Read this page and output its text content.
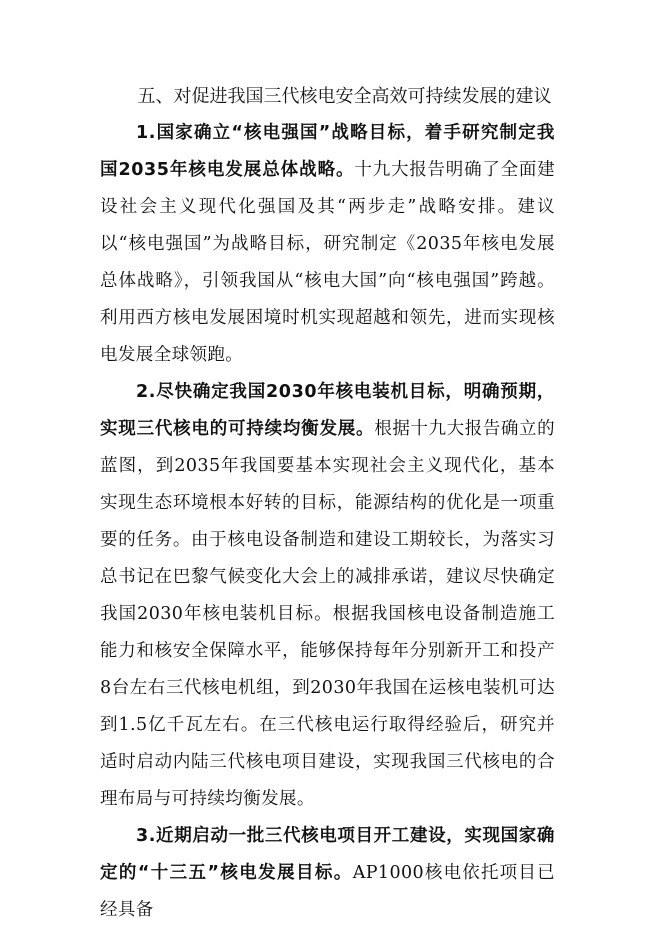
五、对促进我国三代核电安全高效可持续发展的建议

1.国家确立“核电强国”战略目标，着手研究制定我国2035年核电发展总体战略。十九大报告明确了全面建设社会主义现代化强国及其“两步走”战略安排。建议以“核电强国”为战略目标，研究制定《2035年核电发展总体战略》，引领我国从“核电大国”向“核电强国”跨越。利用西方核电发展困境时机实现超越和领先，进而实现核电发展全球领跑。

2.尽快确定我国2030年核电装机目标，明确预期，实现三代核电的可持续均衡发展。根据十九大报告确立的蓝图，到2035年我国要基本实现社会主义现代化，基本实现生态环境根本好转的目标，能源结构的优化是一项重要的任务。由于核电设备制造和建设工期较长，为落实习总书记在巴黎气候变化大会上的减排承诺，建议尽快确定我国2030年核电装机目标。根据我国核电设备制造施工能力和核安全保障水平，能够保持每年分别新开工和投产8台左右三代核电机组，到2030年我国在运核电装机可达到1.5亿千瓦左右。在三代核电运行取得经验后，研究并适时启动内陆三代核电项目建设，实现我国三代核电的合理布局与可持续均衡发展。

3.近期启动一批三代核电项目开工建设，实现国家确定的“十三五”核电发展目标。AP1000核电依托项目已经具备
